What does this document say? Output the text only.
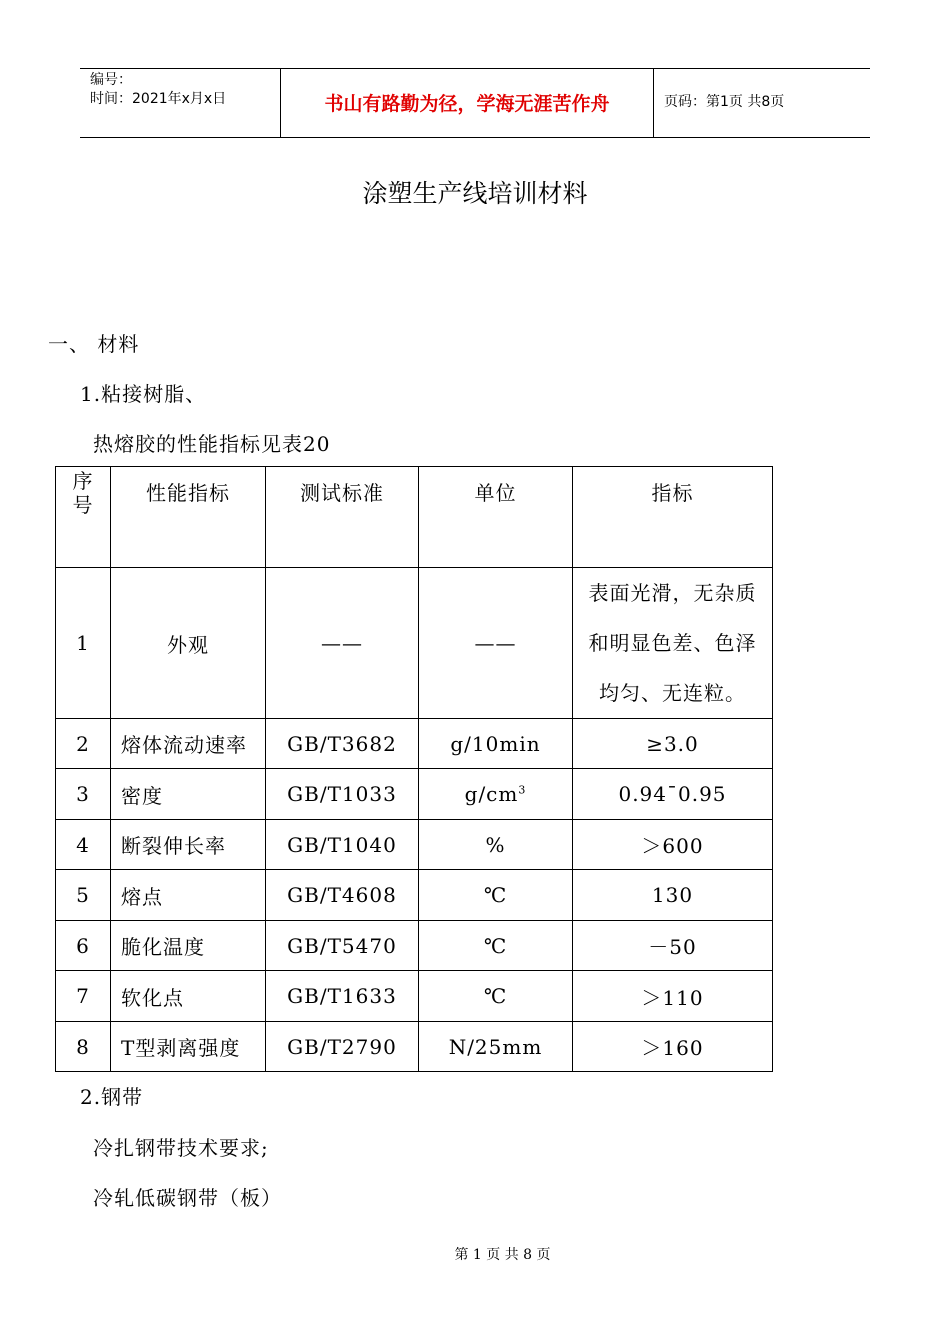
编号：
时间：2021年x月x日	书山有路勤为径，学海无涯苦作舟	页码：第1页 共8页
涂塑生产线培训材料
一、 材料
1.粘接树脂、
热熔胶的性能指标见表20
序
号	性能指标	测试标准	单位	指标

1	外观	——	——	表面光滑，无杂质
和明显色差、色泽
均匀、无连粒。

2	熔体流动速率	GB/T3682	g/10min	≥3.0
3	密度	GB/T1033	$g/cm^3$	0.94¯0.95
4	断裂伸长率	GB/T1040	%	＞600
5	熔点	GB/T4608	℃	130
6	脆化温度	GB/T5470	℃	－50
7	软化点	GB/T1633	℃	＞110
8	T型剥离强度	GB/T2790	N/25mm	＞160
2.钢带
冷扎钢带技术要求;
冷轧低碳钢带（板）
第 1 页 共 8 页
